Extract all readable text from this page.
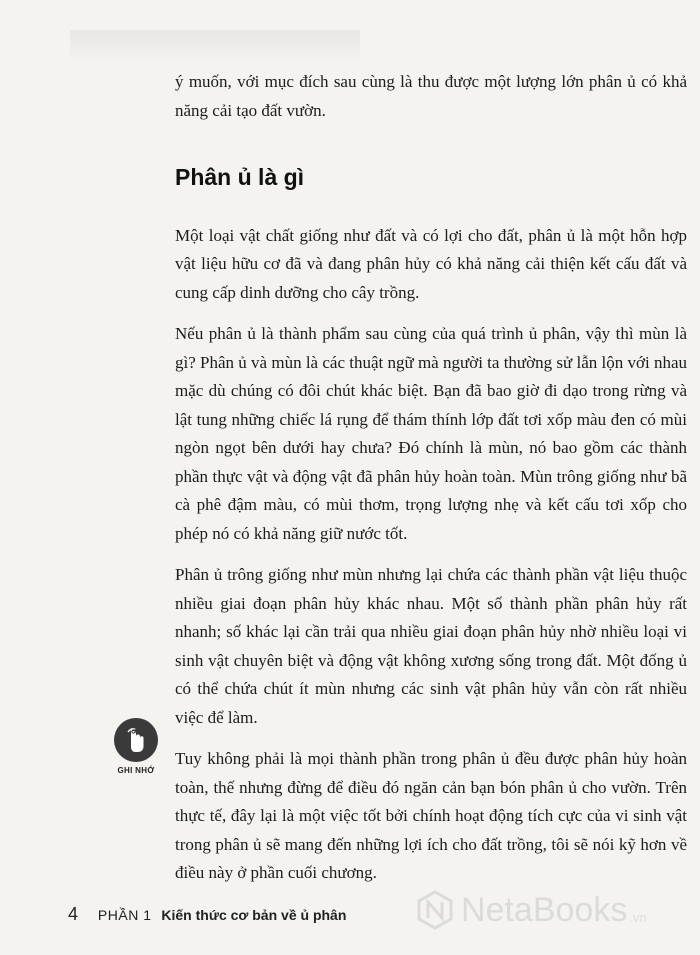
ý muốn, với mục đích sau cùng là thu được một lượng lớn phân ủ có khả năng cải tạo đất vườn.

Phân ủ là gì

Một loại vật chất giống như đất và có lợi cho đất, phân ủ là một hỗn hợp vật liệu hữu cơ đã và đang phân hủy có khả năng cải thiện kết cấu đất và cung cấp dinh dưỡng cho cây trồng.

Nếu phân ủ là thành phẩm sau cùng của quá trình ủ phân, vậy thì mùn là gì? Phân ủ và mùn là các thuật ngữ mà người ta thường sử lẫn lộn với nhau mặc dù chúng có đôi chút khác biệt. Bạn đã bao giờ đi dạo trong rừng và lật tung những chiếc lá rụng để thám thính lớp đất tơi xốp màu đen có mùi ngòn ngọt bên dưới hay chưa? Đó chính là mùn, nó bao gồm các thành phần thực vật và động vật đã phân hủy hoàn toàn. Mùn trông giống như bã cà phê đậm màu, có mùi thơm, trọng lượng nhẹ và kết cấu tơi xốp cho phép nó có khả năng giữ nước tốt.

Phân ủ trông giống như mùn nhưng lại chứa các thành phần vật liệu thuộc nhiều giai đoạn phân hủy khác nhau. Một số thành phần phân hủy rất nhanh; số khác lại cần trải qua nhiều giai đoạn phân hủy nhờ nhiều loại vi sinh vật chuyên biệt và động vật không xương sống trong đất. Một đống ủ có thể chứa chút ít mùn nhưng các sinh vật phân hủy vẫn còn rất nhiều việc để làm.

Tuy không phải là mọi thành phần trong phân ủ đều được phân hủy hoàn toàn, thế nhưng đừng để điều đó ngăn cản bạn bón phân ủ cho vườn. Trên thực tế, đây lại là một việc tốt bởi chính hoạt động tích cực của vi sinh vật trong phân ủ sẽ mang đến những lợi ích cho đất trồng, tôi sẽ nói kỹ hơn về điều này ở phần cuối chương.

GHI NHỚ
4 PHẦN 1 Kiến thức cơ bản về ủ phân	NetaBooks .vn
